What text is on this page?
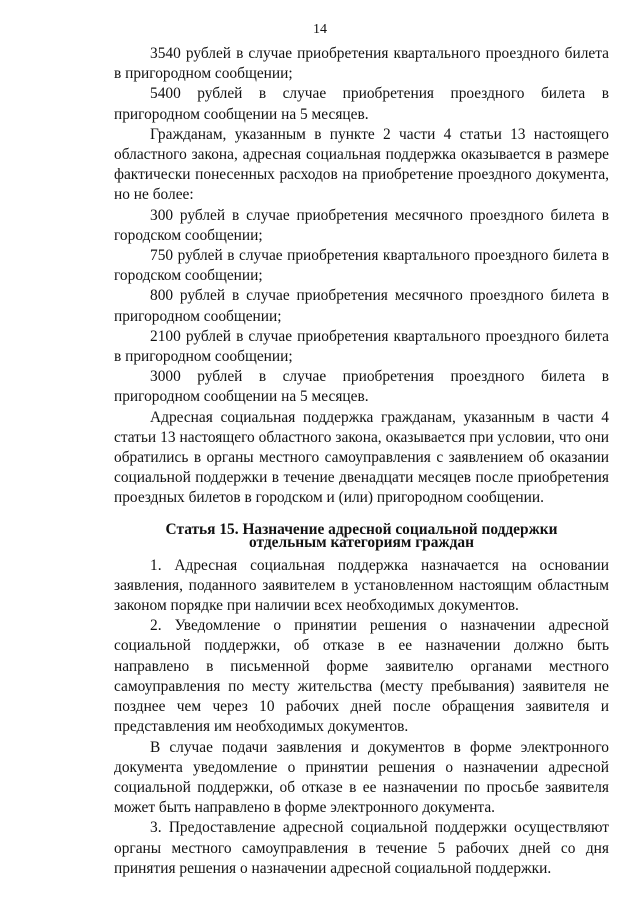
14

3540 рублей в случае приобретения квартального проездного билета в пригородном сообщении;

5400 рублей в случае приобретения проездного билета в пригородном сообщении на 5 месяцев.

Гражданам, указанным в пункте 2 части 4 статьи 13 настоящего областного закона, адресная социальная поддержка оказывается в размере фактически понесенных расходов на приобретение проездного документа, но не более:

300 рублей в случае приобретения месячного проездного билета в городском сообщении;

750 рублей в случае приобретения квартального проездного билета в городском сообщении;

800 рублей в случае приобретения месячного проездного билета в пригородном сообщении;

2100 рублей в случае приобретения квартального проездного билета в пригородном сообщении;

3000 рублей в случае приобретения проездного билета в пригородном сообщении на 5 месяцев.

Адресная социальная поддержка гражданам, указанным в части 4 статьи 13 настоящего областного закона, оказывается при условии, что они обратились в органы местного самоуправления с заявлением об оказании социальной поддержки в течение двенадцати месяцев после приобретения проездных билетов в городском и (или) пригородном сообщении.

Статья 15. Назначение адресной социальной поддержки
отдельным категориям граждан

1. Адресная социальная поддержка назначается на основании заявления, поданного заявителем в установленном настоящим областным законом порядке при наличии всех необходимых документов.

2. Уведомление о принятии решения о назначении адресной социальной поддержки, об отказе в ее назначении должно быть направлено в письменной форме заявителю органами местного самоуправления по месту жительства (месту пребывания) заявителя не позднее чем через 10 рабочих дней после обращения заявителя и представления им необходимых документов.

В случае подачи заявления и документов в форме электронного документа уведомление о принятии решения о назначении адресной социальной поддержки, об отказе в ее назначении по просьбе заявителя может быть направлено в форме электронного документа.

3. Предоставление адресной социальной поддержки осуществляют органы местного самоуправления в течение 5 рабочих дней со дня принятия решения о назначении адресной социальной поддержки.
